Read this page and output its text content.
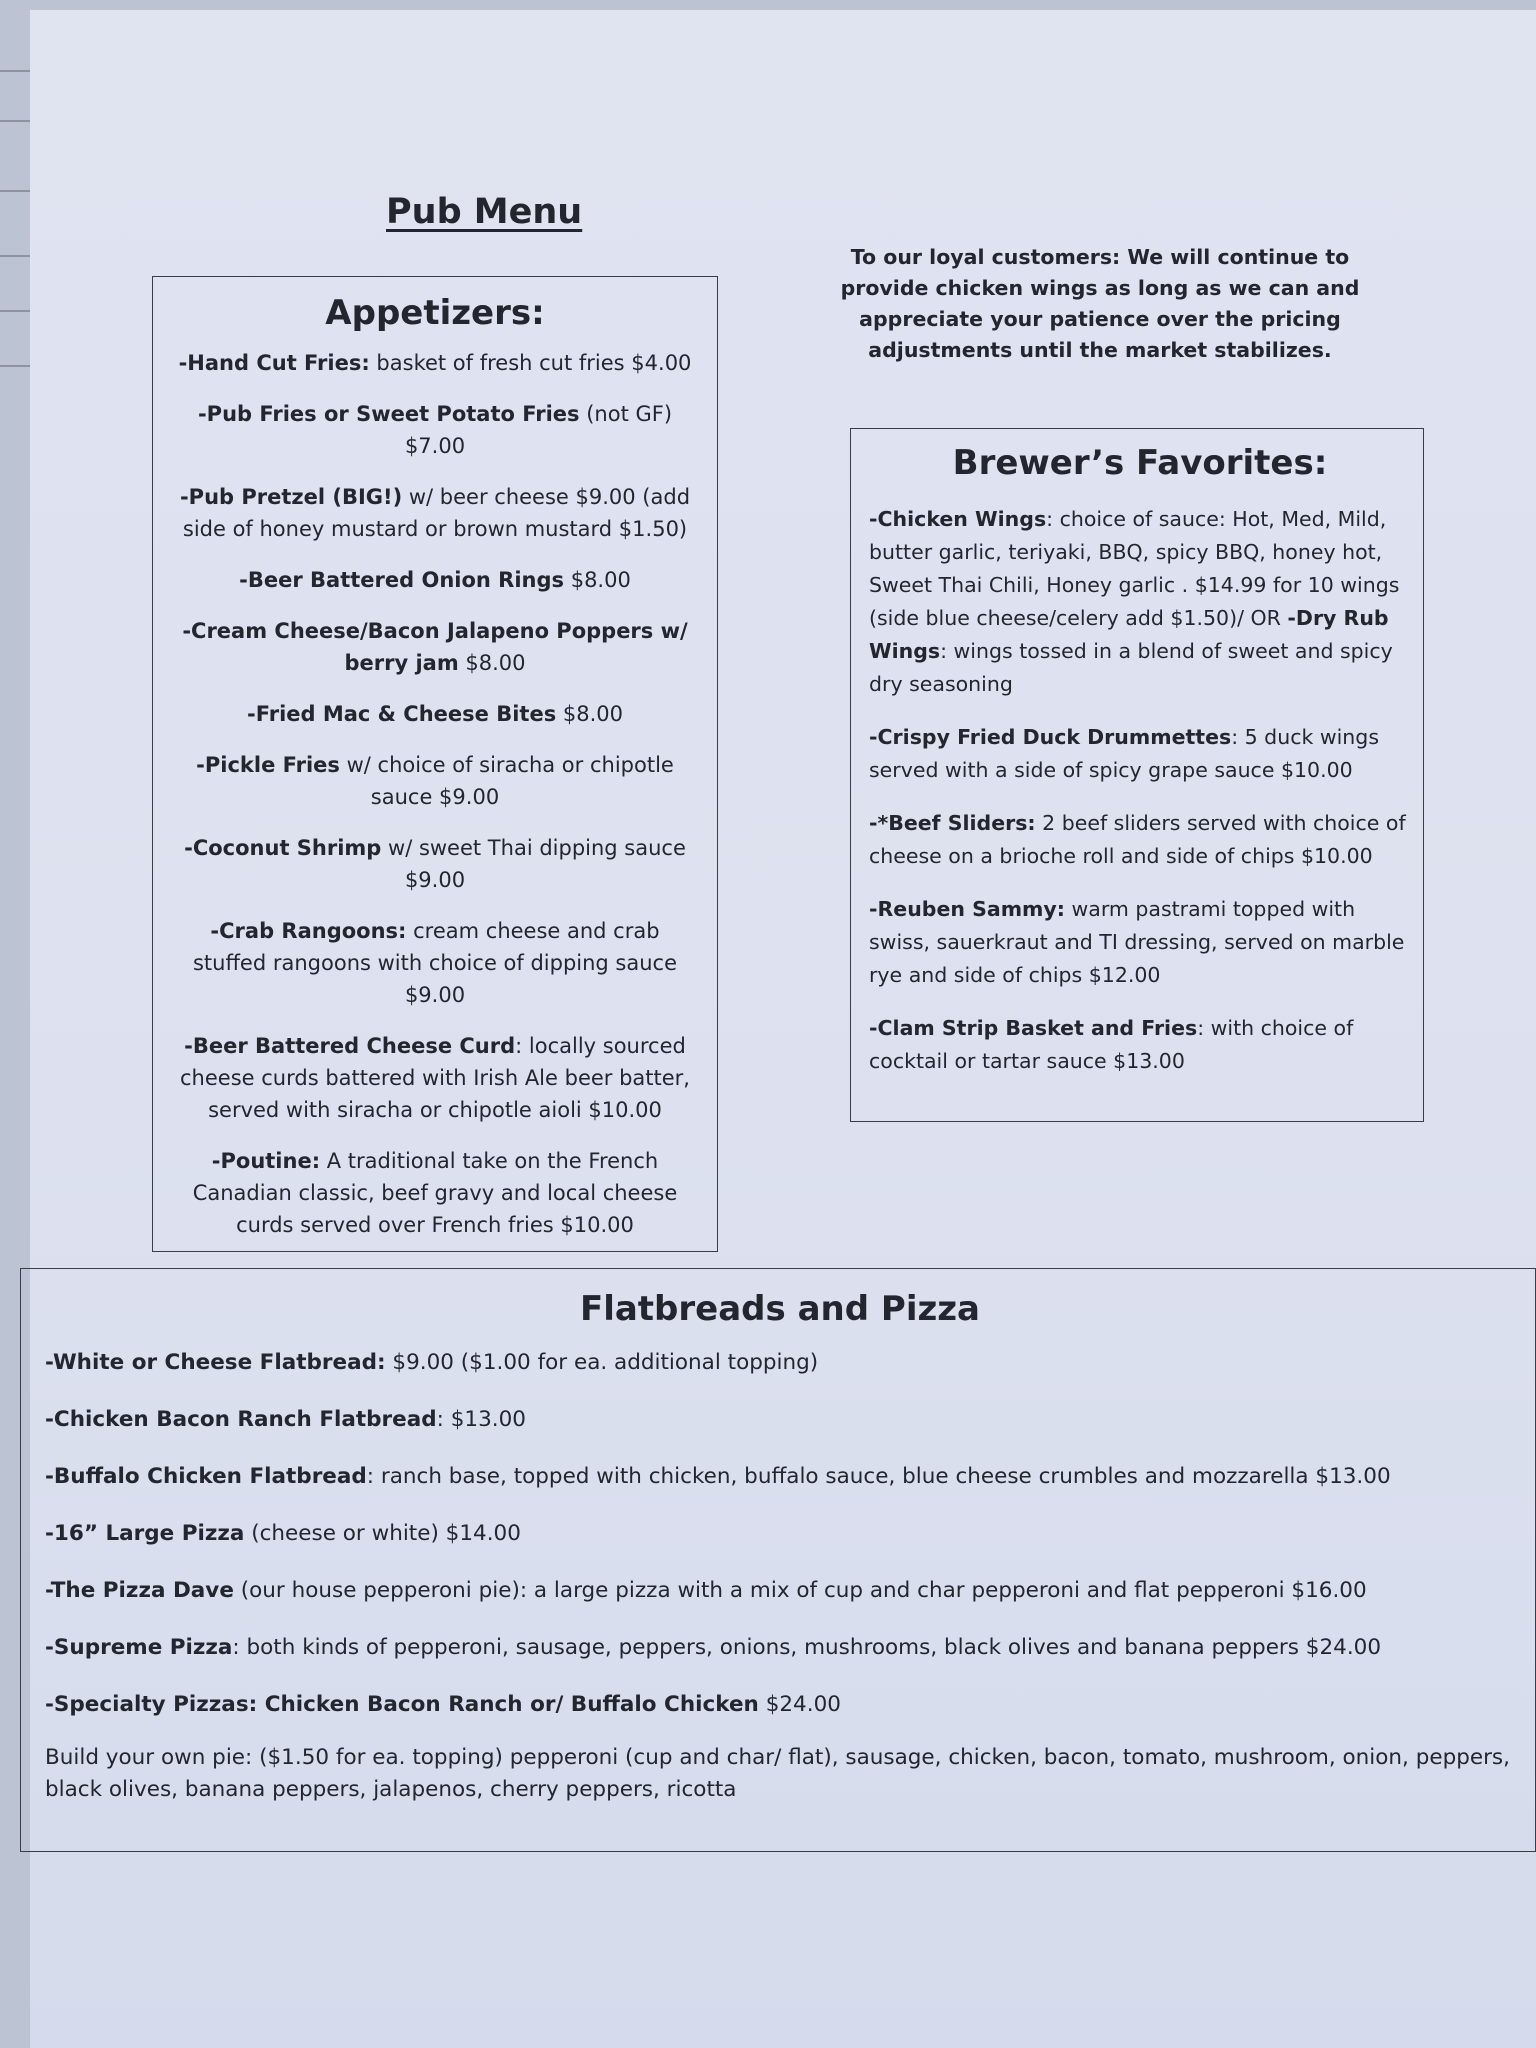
Pub Menu
To our loyal customers: We will continue to provide chicken wings as long as we can and appreciate your patience over the pricing adjustments until the market stabilizes.
Appetizers:
-Hand Cut Fries: basket of fresh cut fries $4.00
-Pub Fries or Sweet Potato Fries (not GF) $7.00
-Pub Pretzel (BIG!) w/ beer cheese $9.00 (add side of honey mustard or brown mustard $1.50)
-Beer Battered Onion Rings $8.00
-Cream Cheese/Bacon Jalapeno Poppers w/ berry jam $8.00
-Fried Mac & Cheese Bites $8.00
-Pickle Fries w/ choice of siracha or chipotle sauce $9.00
-Coconut Shrimp w/ sweet Thai dipping sauce $9.00
-Crab Rangoons: cream cheese and crab stuffed rangoons with choice of dipping sauce $9.00
-Beer Battered Cheese Curd: locally sourced cheese curds battered with Irish Ale beer batter, served with siracha or chipotle aioli $10.00
-Poutine: A traditional take on the French Canadian classic, beef gravy and local cheese curds served over French fries $10.00
Brewer’s Favorites:
-Chicken Wings: choice of sauce: Hot, Med, Mild, butter garlic, teriyaki, BBQ, spicy BBQ, honey hot, Sweet Thai Chili, Honey garlic . $14.99 for 10 wings (side blue cheese/celery add $1.50)/ OR -Dry Rub Wings: wings tossed in a blend of sweet and spicy dry seasoning
-Crispy Fried Duck Drummettes: 5 duck wings served with a side of spicy grape sauce $10.00
-*Beef Sliders: 2 beef sliders served with choice of cheese on a brioche roll and side of chips $10.00
-Reuben Sammy: warm pastrami topped with swiss, sauerkraut and TI dressing, served on marble rye and side of chips $12.00
-Clam Strip Basket and Fries: with choice of cocktail or tartar sauce $13.00
Flatbreads and Pizza
-White or Cheese Flatbread: $9.00 ($1.00 for ea. additional topping)
-Chicken Bacon Ranch Flatbread: $13.00
-Buffalo Chicken Flatbread: ranch base, topped with chicken, buffalo sauce, blue cheese crumbles and mozzarella $13.00
-16” Large Pizza (cheese or white) $14.00
-The Pizza Dave (our house pepperoni pie): a large pizza with a mix of cup and char pepperoni and flat pepperoni $16.00
-Supreme Pizza: both kinds of pepperoni, sausage, peppers, onions, mushrooms, black olives and banana peppers $24.00
-Specialty Pizzas: Chicken Bacon Ranch or/ Buffalo Chicken $24.00
Build your own pie: ($1.50 for ea. topping) pepperoni (cup and char/ flat), sausage, chicken, bacon, tomato, mushroom, onion, peppers, black olives, banana peppers, jalapenos, cherry peppers, ricotta
